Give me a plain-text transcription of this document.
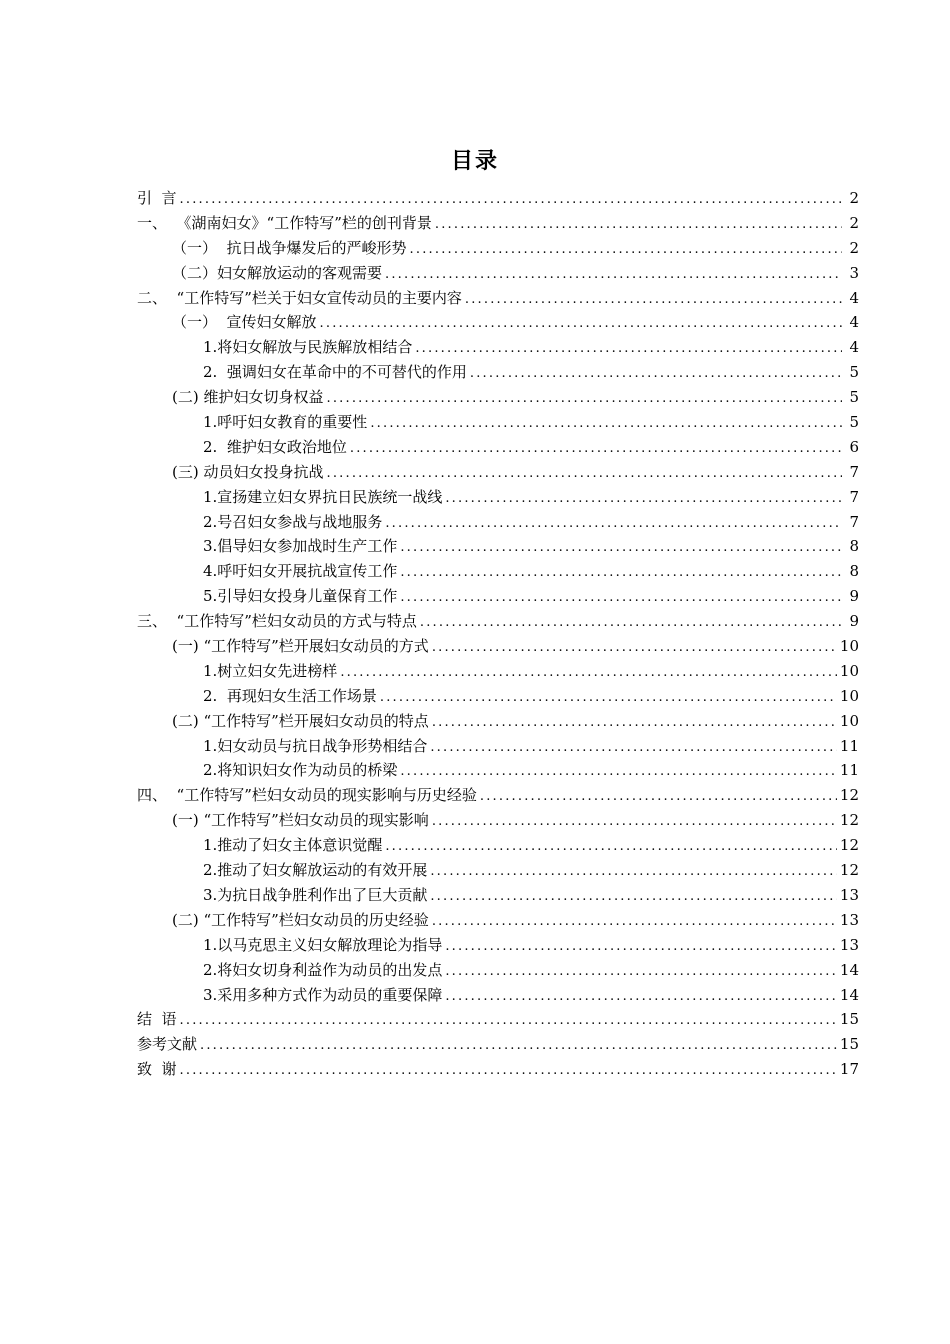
目录
引  言 .....	2
一、  《湖南妇女》“工作特写”栏的创刊背景 .....	2
（一）  抗日战争爆发后的严峻形势 .....	2
（二）妇女解放运动的客观需要 .....	3
二、  “工作特写”栏关于妇女宣传动员的主要内容 .....	4
（一）  宣传妇女解放 .....	4
1.将妇女解放与民族解放相结合 .....	4
2.  强调妇女在革命中的不可替代的作用 .....	5
(二) 维护妇女切身权益 .....	5
1.呼吁妇女教育的重要性 .....	5
2.  维护妇女政治地位 .....	6
(三) 动员妇女投身抗战 .....	7
1.宣扬建立妇女界抗日民族统一战线 .....	7
2.号召妇女参战与战地服务 .....	7
3.倡导妇女参加战时生产工作 .....	8
4.呼吁妇女开展抗战宣传工作 .....	8
5.引导妇女投身儿童保育工作 .....	9
三、  “工作特写”栏妇女动员的方式与特点 .....	9
(一) “工作特写”栏开展妇女动员的方式 .....	10
1.树立妇女先进榜样 .....	10
2.  再现妇女生活工作场景 .....	10
(二) “工作特写”栏开展妇女动员的特点 .....	10
1.妇女动员与抗日战争形势相结合 .....	11
2.将知识妇女作为动员的桥梁 .....	11
四、  “工作特写”栏妇女动员的现实影响与历史经验 .....	12
(一) “工作特写”栏妇女动员的现实影响 .....	12
1.推动了妇女主体意识觉醒 .....	12
2.推动了妇女解放运动的有效开展 .....	12
3.为抗日战争胜利作出了巨大贡献 .....	13
(二) “工作特写”栏妇女动员的历史经验 .....	13
1.以马克思主义妇女解放理论为指导 .....	13
2.将妇女切身利益作为动员的出发点 .....	14
3.采用多种方式作为动员的重要保障 .....	14
结  语 .....	15
参考文献 .....	15
致  谢 .....	17
